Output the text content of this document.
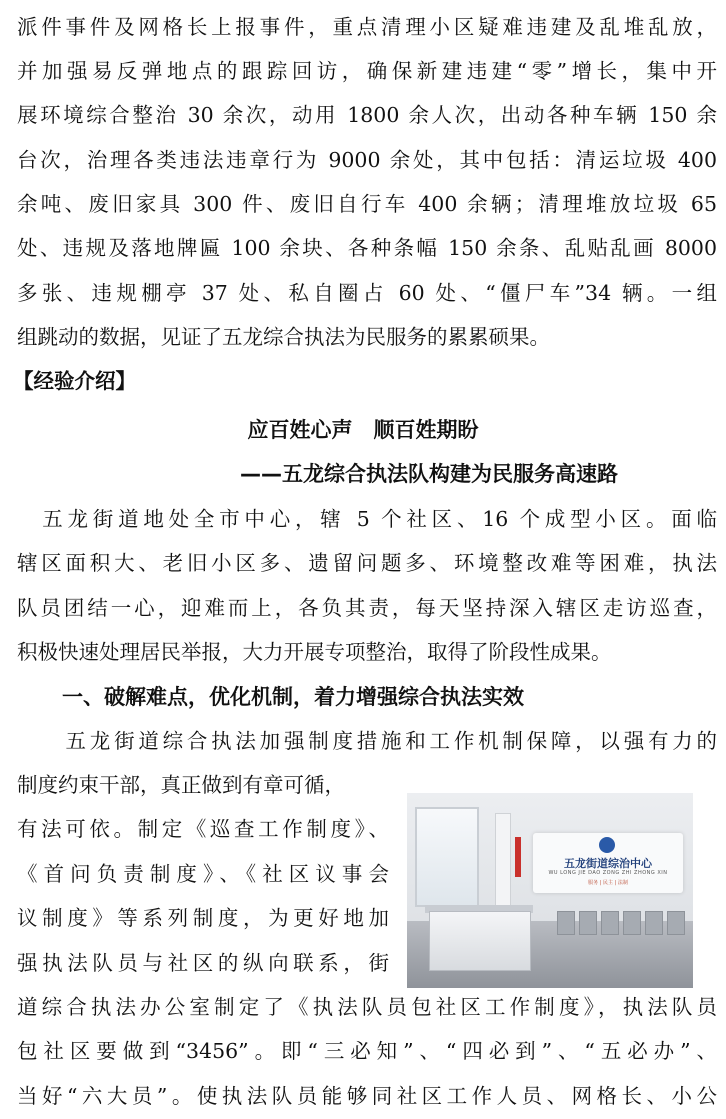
派件事件及网格长上报事件，重点清理小区疑难违建及乱堆乱放，
并加强易反弹地点的跟踪回访，确保新建违建“零”增长，集中开
展环境综合整治 30 余次，动用 1800 余人次，出动各种车辆 150 余
台次，治理各类违法违章行为 9000 余处，其中包括：清运垃圾 400
余吨、废旧家具 300 件、废旧自行车 400 余辆；清理堆放垃圾 65
处、违规及落地牌匾 100 余块、各种条幅 150 余条、乱贴乱画 8000
多张、违规棚亭 37 处、私自圈占 60 处、“僵尸车”34 辆。一组
组跳动的数据，见证了五龙综合执法为民服务的累累硕果。
【经验介绍】
应百姓心声　顺百姓期盼
——五龙综合执法队构建为民服务高速路
　五龙街道地处全市中心，辖 5 个社区、16 个成型小区。面临
辖区面积大、老旧小区多、遗留问题多、环境整改难等困难，执法
队员团结一心，迎难而上，各负其责，每天坚持深入辖区走访巡查，
积极快速处理居民举报，大力开展专项整治，取得了阶段性成果。
一、破解难点，优化机制，着力增强综合执法实效
　　五龙街道综合执法加强制度措施和工作机制保障，以强有力的
制度约束干部，真正做到有章可循，
有法可依。制定《巡查工作制度》、
《首问负责制度》、《社区议事会
议制度》等系列制度，为更好地加
强执法队员与社区的纵向联系，街
道综合执法办公室制定了《执法队员包社区工作制度》，执法队员
包社区要做到“3456”。即“三必知”、“四必到”、“五必办”、
当好“六大员”。使执法队员能够同社区工作人员、网格长、小公
五龙街道综治中心
WU LONG JIE DAO ZONG ZHI ZHONG XIN
服务 | 民主 | 法制
